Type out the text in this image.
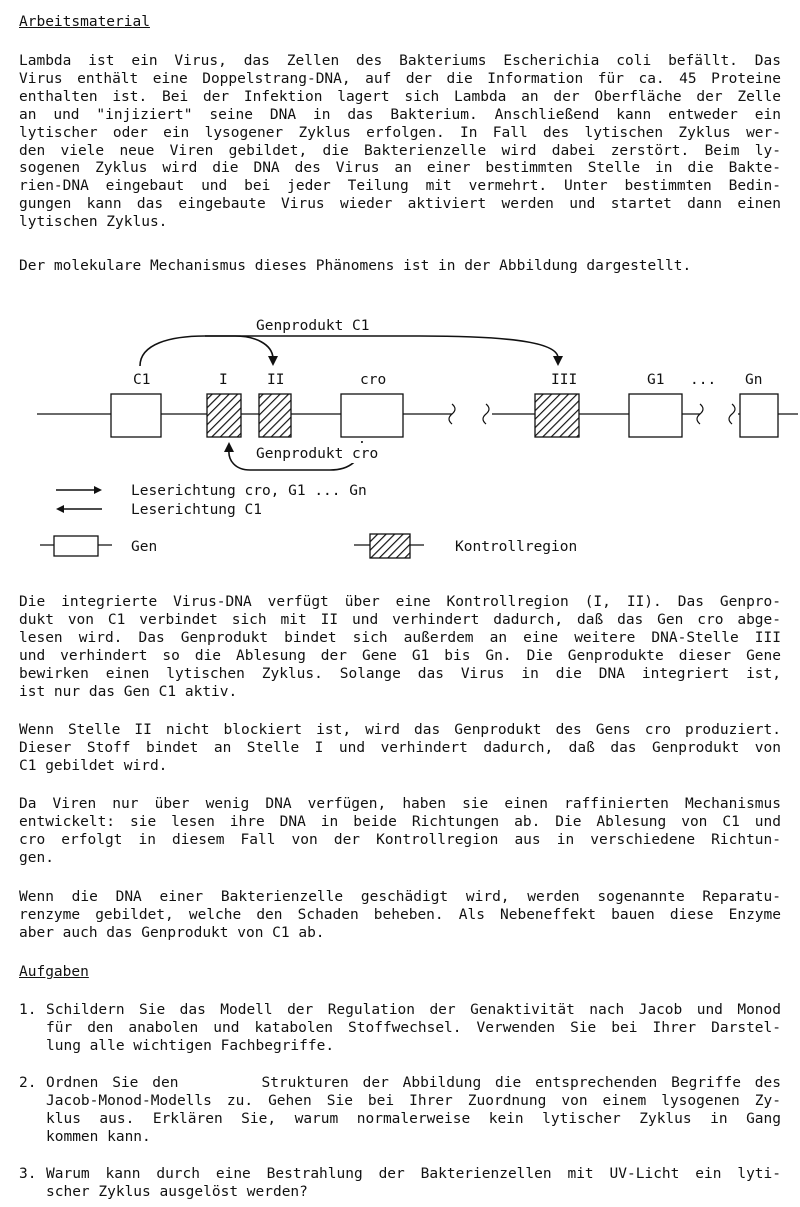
Arbeitsmaterial
Lambda ist ein Virus, das Zellen des Bakteriums Escherichia coli befällt. Das
Virus enthält eine Doppelstrang-DNA, auf der die Information für ca. 45 Proteine
enthalten ist. Bei der Infektion lagert sich Lambda an der Oberfläche der Zelle
an und "injiziert" seine DNA in das Bakterium. Anschließend kann entweder ein
lytischer oder ein lysogener Zyklus erfolgen. In Fall des lytischen Zyklus wer-
den viele neue Viren gebildet, die Bakterienzelle wird dabei zerstört. Beim ly-
sogenen Zyklus wird die DNA des Virus an einer bestimmten Stelle in die Bakte-
rien-DNA eingebaut und bei jeder Teilung mit vermehrt. Unter bestimmten Bedin-
gungen kann das eingebaute Virus wieder aktiviert werden und startet dann einen
lytischen Zyklus.
Der molekulare Mechanismus dieses Phänomens ist in der Abbildung dargestellt.
C1	I	II	cro	III	G1 ... Gn
Genprodukt C1
Genprodukt cro
Leserichtung cro, G1 ... Gn
Leserichtung C1
Gen	Kontrollregion
Die integrierte Virus-DNA verfügt über eine Kontrollregion (I, II). Das Genpro-
dukt von C1 verbindet sich mit II und verhindert dadurch, daß das Gen cro abge-
lesen wird. Das Genprodukt bindet sich außerdem an eine weitere DNA-Stelle III
und verhindert so die Ablesung der Gene G1 bis Gn. Die Genprodukte dieser Gene
bewirken einen lytischen Zyklus. Solange das Virus in die DNA integriert ist,
ist nur das Gen C1 aktiv.
Wenn Stelle II nicht blockiert ist, wird das Genprodukt des Gens cro produziert.
Dieser Stoff bindet an Stelle I und verhindert dadurch, daß das Genprodukt von
C1 gebildet wird.
Da Viren nur über wenig DNA verfügen, haben sie einen raffinierten Mechanismus
entwickelt: sie lesen ihre DNA in beide Richtungen ab. Die Ablesung von C1 und
cro erfolgt in diesem Fall von der Kontrollregion aus in verschiedene Richtun-
gen.
Wenn die DNA einer Bakterienzelle geschädigt wird, werden sogenannte Reparatu-
renzyme gebildet, welche den Schaden beheben. Als Nebeneffekt bauen diese Enzyme
aber auch das Genprodukt von C1 ab.
Aufgaben
1. Schildern Sie das Modell der Regulation der Genaktivität nach Jacob und Monod
für den anabolen und katabolen Stoffwechsel. Verwenden Sie bei Ihrer Darstel-
lung alle wichtigen Fachbegriffe.
2. Ordnen Sie den      Strukturen der Abbildung die entsprechenden Begriffe des
Jacob-Monod-Modells zu. Gehen Sie bei Ihrer Zuordnung von einem lysogenen Zy-
klus aus. Erklären Sie, warum normalerweise kein lytischer Zyklus in Gang
kommen kann.
3. Warum kann durch eine Bestrahlung der Bakterienzellen mit UV-Licht ein lyti-
scher Zyklus ausgelöst werden?
